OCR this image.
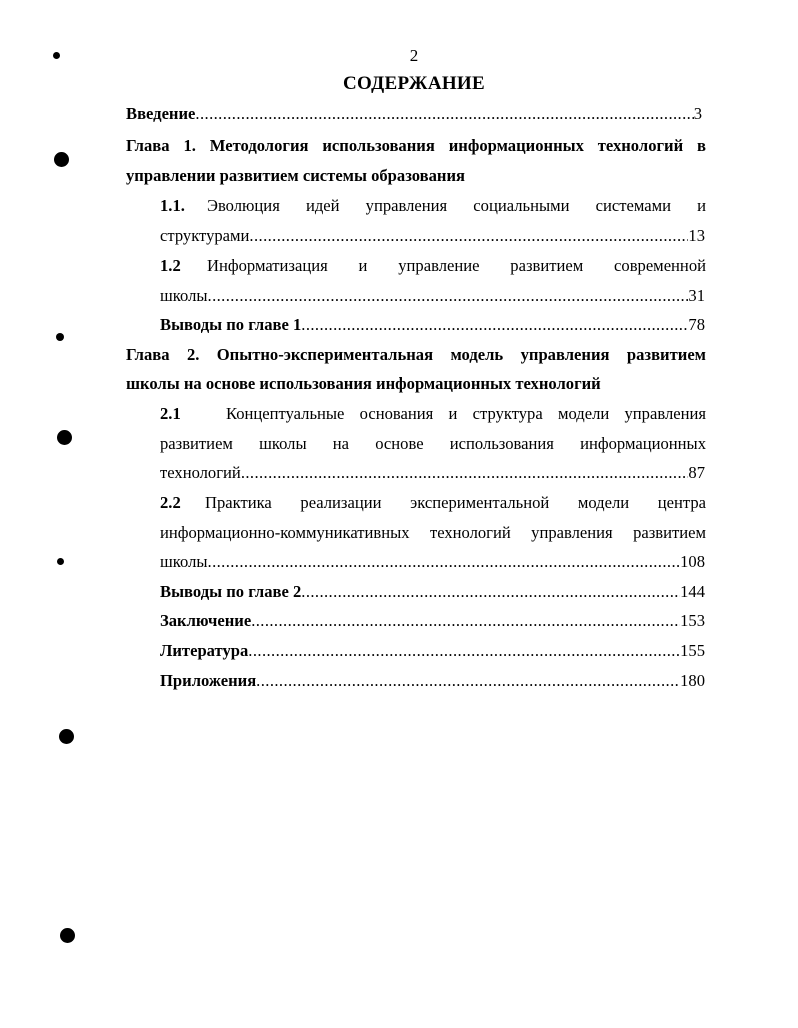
2
СОДЕРЖАНИЕ
Введение .....	3
Глава 1. Методология использования информационных технологий в
управлении развитием системы образования
1.1.	Эволюция идей управления социальными системами и
структурами .....	13
1.2	Информатизация и управление развитием современной
школы .....	31
Выводы по главе 1 .....	78
Глава 2. Опытно-экспериментальная модель управления развитием
школы на основе использования информационных технологий
2.1	Концептуальные основания и структура модели управления
развитием школы на основе использования информационных
технологий .....	87
2.2	Практика реализации экспериментальной модели центра
информационно-коммуникативных технологий управления развитием
школы .....	108
Выводы по главе 2 .....	144
Заключение .....	153
Литература .....	155
Приложения .....	180
